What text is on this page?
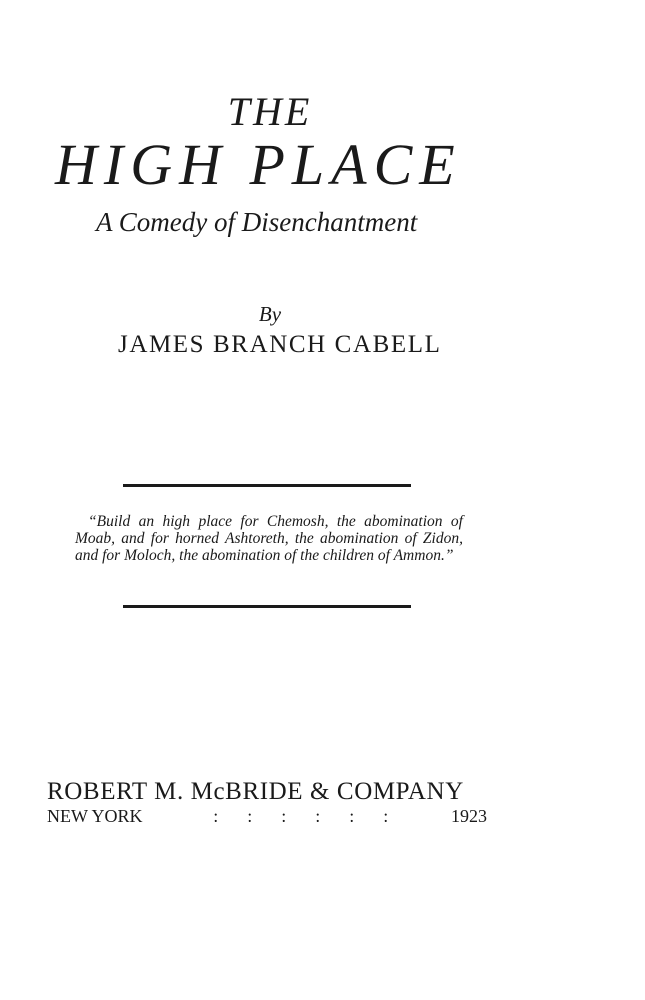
THE
HIGH PLACE
A Comedy of Disenchantment
By
JAMES BRANCH CABELL
“Build an high place for Chemosh, the abomination of Moab, and for horned Ashtoreth, the abomination of Zidon, and for Moloch, the abomination of the children of Ammon.”
ROBERT M. McBRIDE & COMPANY
NEW YORK	: : : : : :	1923
